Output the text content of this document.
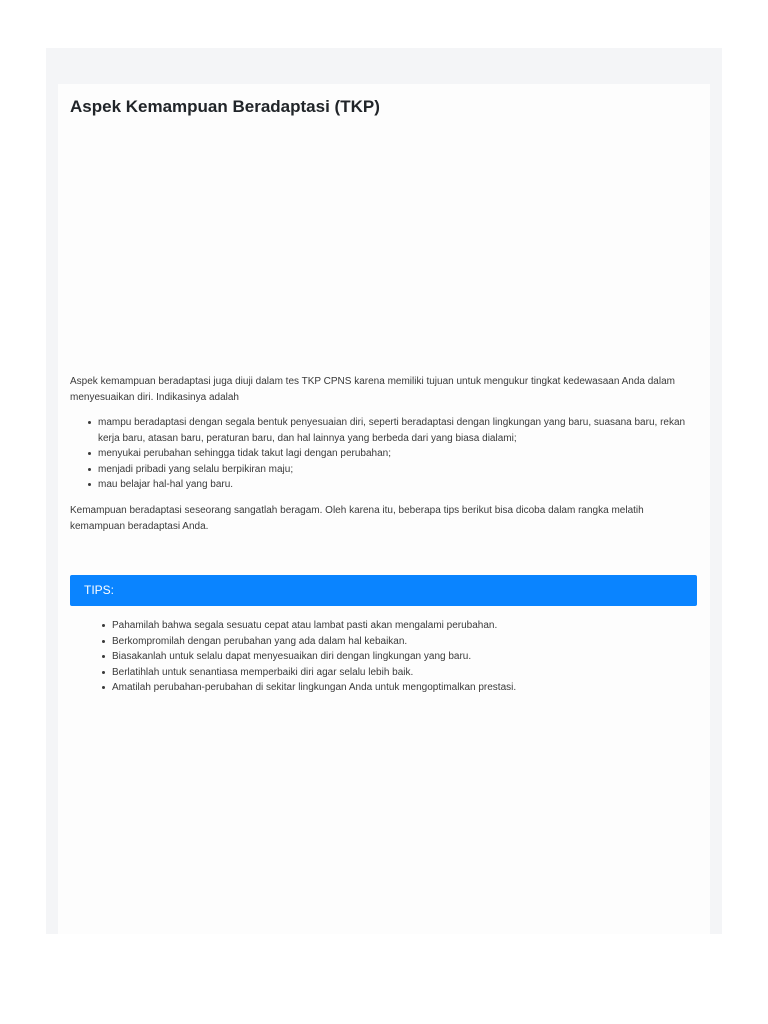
Aspek Kemampuan Beradaptasi (TKP)

Aspek kemampuan beradaptasi juga diuji dalam tes TKP CPNS karena memiliki tujuan untuk mengukur tingkat kedewasaan Anda dalam menyesuaikan diri. Indikasinya adalah

mampu beradaptasi dengan segala bentuk penyesuaian diri, seperti beradaptasi dengan lingkungan yang baru, suasana baru, rekan kerja baru, atasan baru, peraturan baru, dan hal lainnya yang berbeda dari yang biasa dialami;
menyukai perubahan sehingga tidak takut lagi dengan perubahan;
menjadi pribadi yang selalu berpikiran maju;
mau belajar hal-hal yang baru.

Kemampuan beradaptasi seseorang sangatlah beragam. Oleh karena itu, beberapa tips berikut bisa dicoba dalam rangka melatih kemampuan beradaptasi Anda.

TIPS:
Pahamilah bahwa segala sesuatu cepat atau lambat pasti akan mengalami perubahan.
Berkompromilah dengan perubahan yang ada dalam hal kebaikan.
Biasakanlah untuk selalu dapat menyesuaikan diri dengan lingkungan yang baru.
Berlatihlah untuk senantiasa memperbaiki diri agar selalu lebih baik.
Amatilah perubahan-perubahan di sekitar lingkungan Anda untuk mengoptimalkan prestasi.
